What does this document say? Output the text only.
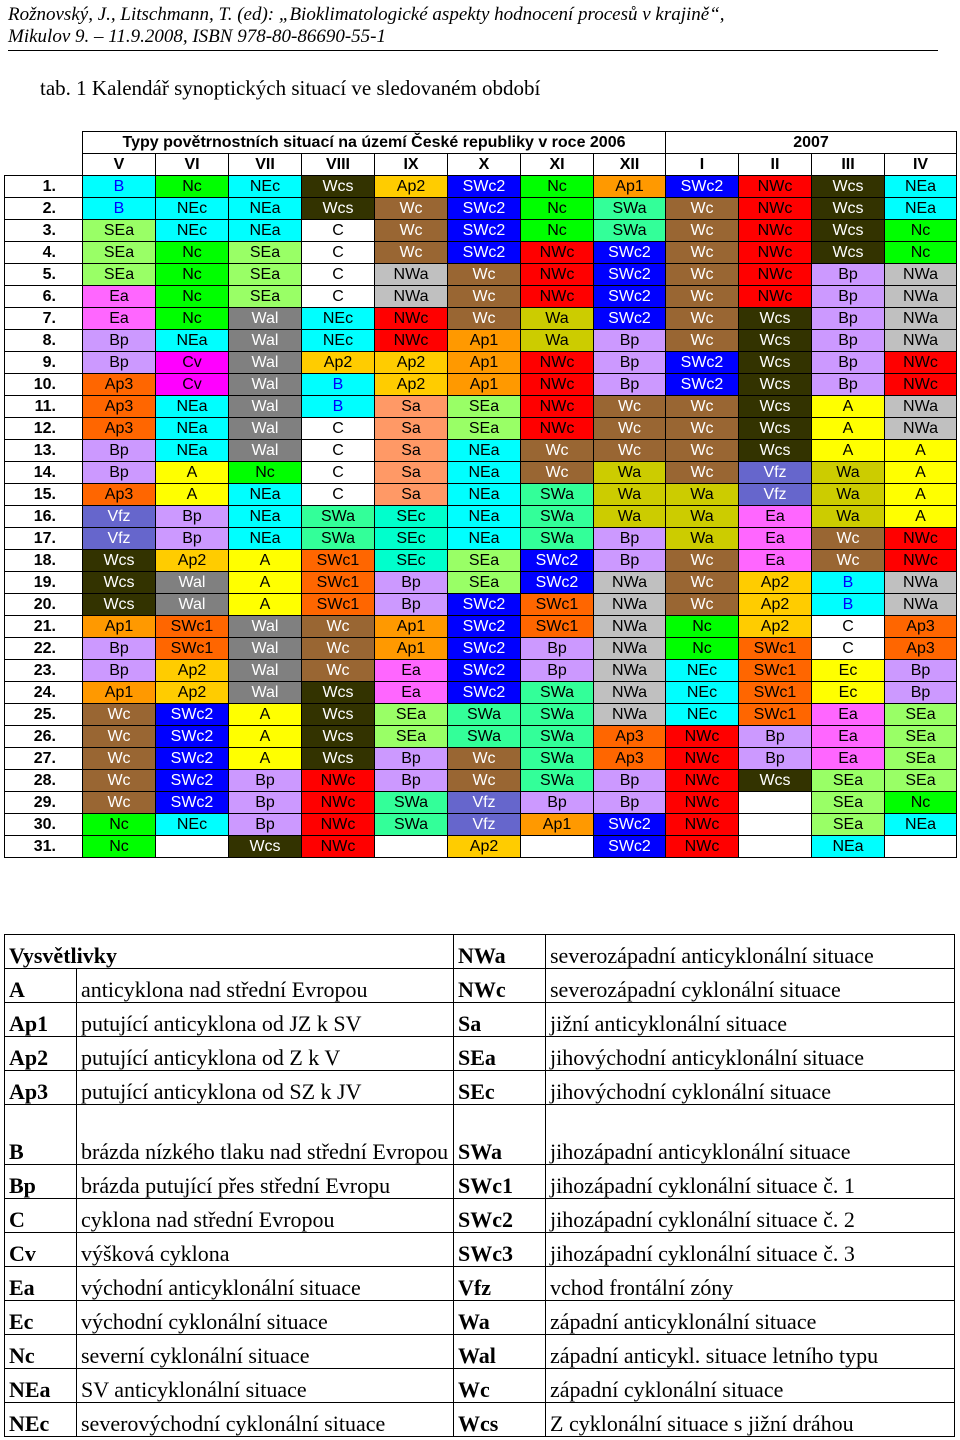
Rožnovský, J., Litschmann, T. (ed): „Bioklimatologické aspekty hodnocení procesů v krajině“,
Mikulov 9. – 11.9.2008, ISBN 978-80-86690-55-1
tab. 1 Kalendář synoptických situací ve sledovaném období
	Typy povětrnostních situací na území České republiky v roce 2006								2007			
	V	VI	VII	VIII	IX	X	XI	XII	I	II	III	IV
1.	B	Nc	NEc	Wcs	Ap2	SWc2	Nc	Ap1	SWc2	NWc	Wcs	NEa
2.	B	NEc	NEa	Wcs	Wc	SWc2	Nc	SWa	Wc	NWc	Wcs	NEa
3.	SEa	NEc	NEa	C	Wc	SWc2	Nc	SWa	Wc	NWc	Wcs	Nc
4.	SEa	Nc	SEa	C	Wc	SWc2	NWc	SWc2	Wc	NWc	Wcs	Nc
5.	SEa	Nc	SEa	C	NWa	Wc	NWc	SWc2	Wc	NWc	Bp	NWa
6.	Ea	Nc	SEa	C	NWa	Wc	NWc	SWc2	Wc	NWc	Bp	NWa
7.	Ea	Nc	Wal	NEc	NWc	Wc	Wa	SWc2	Wc	Wcs	Bp	NWa
8.	Bp	NEa	Wal	NEc	NWc	Ap1	Wa	Bp	Wc	Wcs	Bp	NWa
9.	Bp	Cv	Wal	Ap2	Ap2	Ap1	NWc	Bp	SWc2	Wcs	Bp	NWc
10.	Ap3	Cv	Wal	B	Ap2	Ap1	NWc	Bp	SWc2	Wcs	Bp	NWc
11.	Ap3	NEa	Wal	B	Sa	SEa	NWc	Wc	Wc	Wcs	A	NWa
12.	Ap3	NEa	Wal	C	Sa	SEa	NWc	Wc	Wc	Wcs	A	NWa
13.	Bp	NEa	Wal	C	Sa	NEa	Wc	Wc	Wc	Wcs	A	A
14.	Bp	A	Nc	C	Sa	NEa	Wc	Wa	Wc	Vfz	Wa	A
15.	Ap3	A	NEa	C	Sa	NEa	SWa	Wa	Wa	Vfz	Wa	A
16.	Vfz	Bp	NEa	SWa	SEc	NEa	SWa	Wa	Wa	Ea	Wa	A
17.	Vfz	Bp	NEa	SWa	SEc	NEa	SWa	Bp	Wa	Ea	Wc	NWc
18.	Wcs	Ap2	A	SWc1	SEc	SEa	SWc2	Bp	Wc	Ea	Wc	NWc
19.	Wcs	Wal	A	SWc1	Bp	SEa	SWc2	NWa	Wc	Ap2	B	NWa
20.	Wcs	Wal	A	SWc1	Bp	SWc2	SWc1	NWa	Wc	Ap2	B	NWa
21.	Ap1	SWc1	Wal	Wc	Ap1	SWc2	SWc1	NWa	Nc	Ap2	C	Ap3
22.	Bp	SWc1	Wal	Wc	Ap1	SWc2	Bp	NWa	Nc	SWc1	C	Ap3
23.	Bp	Ap2	Wal	Wc	Ea	SWc2	Bp	NWa	NEc	SWc1	Ec	Bp
24.	Ap1	Ap2	Wal	Wcs	Ea	SWc2	SWa	NWa	NEc	SWc1	Ec	Bp
25.	Wc	SWc2	A	Wcs	SEa	SWa	SWa	NWa	NEc	SWc1	Ea	SEa
26.	Wc	SWc2	A	Wcs	SEa	SWa	SWa	Ap3	NWc	Bp	Ea	SEa
27.	Wc	SWc2	A	Wcs	Bp	Wc	SWa	Ap3	NWc	Bp	Ea	SEa
28.	Wc	SWc2	Bp	NWc	Bp	Wc	SWa	Bp	NWc	Wcs	SEa	SEa
29.	Wc	SWc2	Bp	NWc	SWa	Vfz	Bp	Bp	NWc		SEa	Nc
30.	Nc	NEc	Bp	NWc	SWa	Vfz	Ap1	SWc2	NWc		SEa	NEa
31.	Nc		Wcs	NWc		Ap2		SWc2	NWc		NEa	
Vysvětlivky		NWa	severozápadní anticyklonální situace
A	anticyklona nad střední Evropou	NWc	severozápadní cyklonální situace
Ap1	putující anticyklona od JZ k SV	Sa	jižní anticyklonální situace
Ap2	putující anticyklona od Z k V	SEa	jihovýchodní anticyklonální situace
Ap3	putující anticyklona od SZ k JV	SEc	jihovýchodní cyklonální situace
B	brázda nízkého tlaku nad střední Evropou	SWa	jihozápadní anticyklonální situace
Bp	brázda putující přes střední Evropu	SWc1	jihozápadní cyklonální situace č. 1
C	cyklona nad střední Evropou	SWc2	jihozápadní cyklonální situace č. 2
Cv	výšková cyklona	SWc3	jihozápadní cyklonální situace č. 3
Ea	východní anticyklonální situace	Vfz	vchod frontální zóny
Ec	východní cyklonální situace	Wa	západní anticyklonální situace
Nc	severní cyklonální situace	Wal	západní anticykl. situace letního typu
NEa	SV anticyklonální situace	Wc	západní cyklonální situace
NEc	severovýchodní cyklonální situace	Wcs	Z cyklonální situace s jižní dráhou
